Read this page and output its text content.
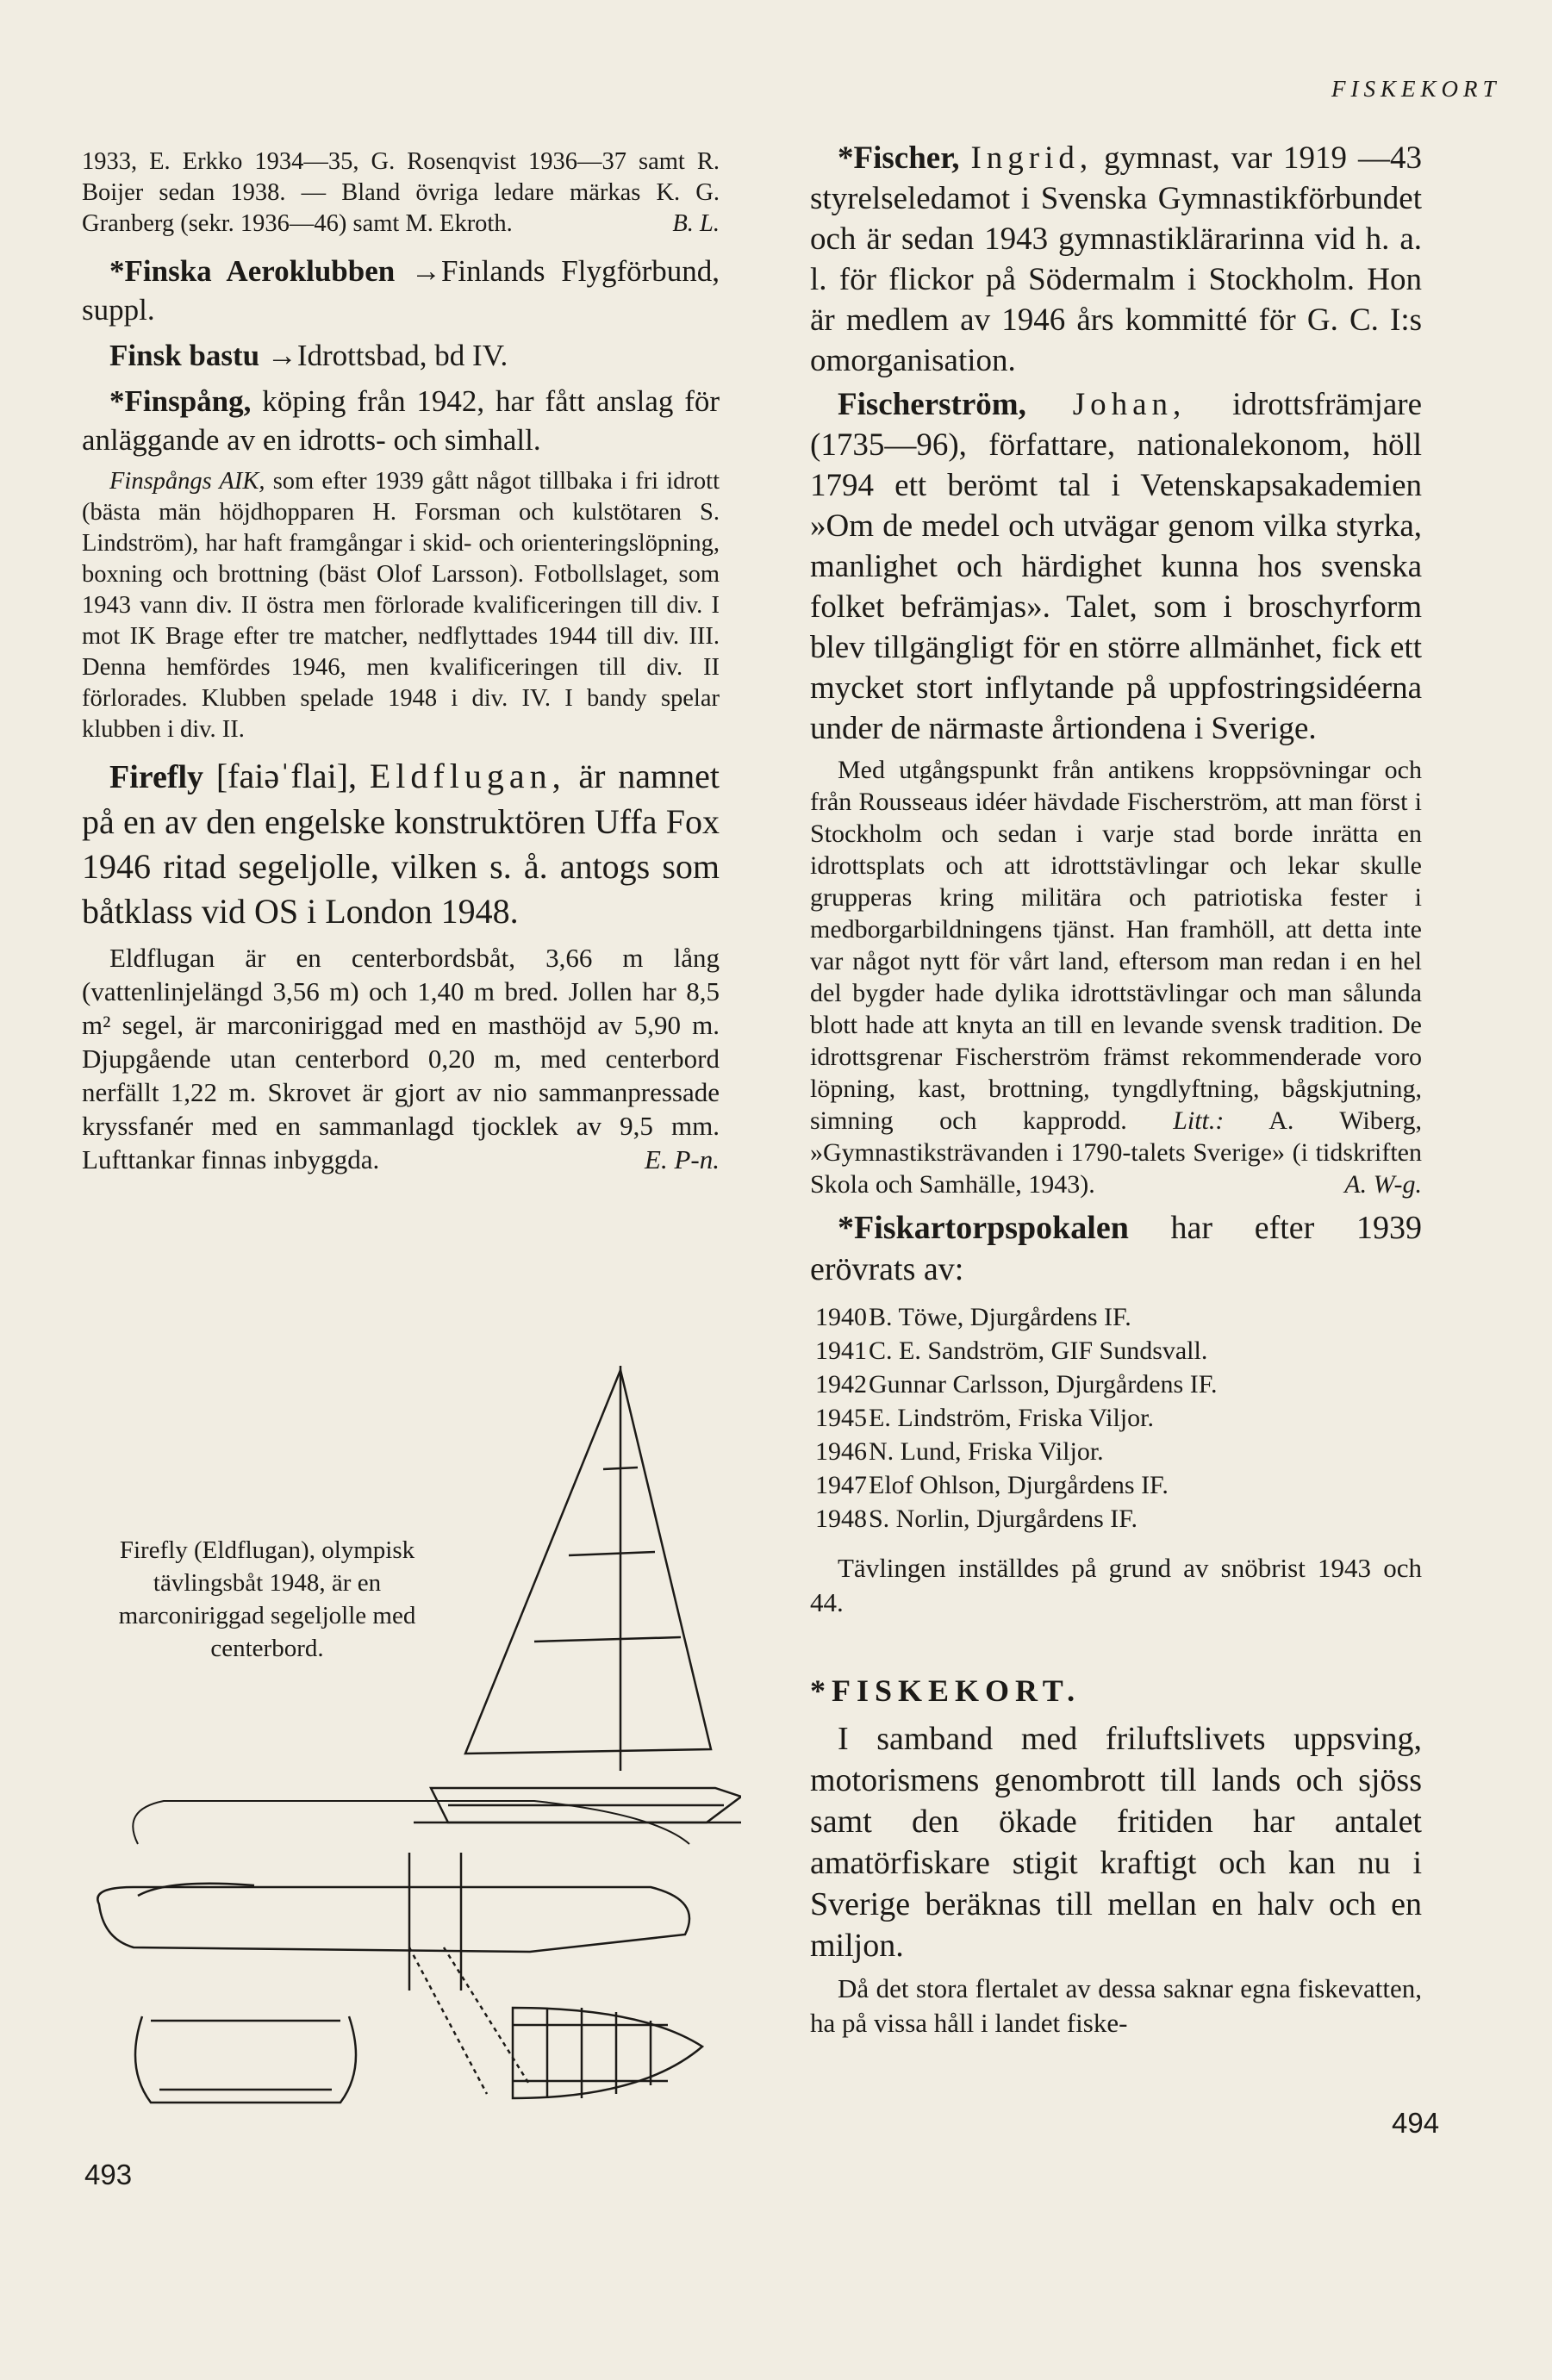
FISKEKORT

1933, E. Erkko 1934—35, G. Rosenqvist 1936—37 samt R. Boijer sedan 1938. — Bland övriga ledare märkas K. G. Granberg (sekr. 1936—46) samt M. Ekroth.	B. L.

*Finska Aeroklubben →Finlands Flygförbund, suppl.

Finsk bastu →Idrottsbad, bd IV.

*Finspång, köping från 1942, har fått anslag för anläggande av en idrotts- och simhall.

Finspångs AIK, som efter 1939 gått något tillbaka i fri idrott (bästa män höjdhopparen H. Forsman och kulstötaren S. Lindström), har haft framgångar i skid- och orienteringslöpning, boxning och brottning (bäst Olof Larsson). Fotbollslaget, som 1943 vann div. II östra men förlorade kvalificeringen till div. I mot IK Brage efter tre matcher, nedflyttades 1944 till div. III. Denna hemfördes 1946, men kvalificeringen till div. II förlorades. Klubben spelade 1948 i div. IV. I bandy spelar klubben i div. II.

Firefly [faiəˈflai], Eldflugan, är namnet på en av den engelske konstruktören Uffa Fox 1946 ritad segeljolle, vilken s. å. antogs som båtklass vid OS i London 1948.

Eldflugan är en centerbordsbåt, 3,66 m lång (vattenlinjelängd 3,56 m) och 1,40 m bred. Jollen har 8,5 m² segel, är marconiriggad med en masthöjd av 5,90 m. Djupgående utan centerbord 0,20 m, med centerbord nerfällt 1,22 m. Skrovet är gjort av nio sammanpressade kryssfanér med en sammanlagd tjocklek av 9,5 mm. Lufttankar finnas inbyggda.	E. P-n.

Firefly (Eldflugan), olympisk tävlingsbåt 1948, är en marconiriggad segeljolle med centerbord.
493

*Fischer, Ingrid, gymnast, var 1919 —43 styrelseledamot i Svenska Gymnastikförbundet och är sedan 1943 gymnastiklärarinna vid h. a. l. för flickor på Södermalm i Stockholm. Hon är medlem av 1946 års kommitté för G. C. I:s omorganisation.

Fischerström, Johan, idrottsfrämjare (1735—96), författare, nationalekonom, höll 1794 ett berömt tal i Vetenskapsakademien »Om de medel och utvägar genom vilka styrka, manlighet och härdighet kunna hos svenska folket befrämjas». Talet, som i broschyrform blev tillgängligt för en större allmänhet, fick ett mycket stort inflytande på uppfostringsidéerna under de närmaste årtiondena i Sverige.

Med utgångspunkt från antikens kroppsövningar och från Rousseaus idéer hävdade Fischerström, att man först i Stockholm och sedan i varje stad borde inrätta en idrottsplats och att idrottstävlingar och lekar skulle grupperas kring militära och patriotiska fester i medborgarbildningens tjänst. Han framhöll, att detta inte var något nytt för vårt land, eftersom man redan i en hel del bygder hade dylika idrottstävlingar och man sålunda blott hade att knyta an till en levande svensk tradition. De idrottsgrenar Fischerström främst rekommenderade voro löpning, kast, brottning, tyngdlyftning, bågskjutning, simning och kapprodd. Litt.: A. Wiberg, »Gymnastiksträvanden i 1790-talets Sverige» (i tidskriften Skola och Samhälle, 1943).	A. W-g.

*Fiskartorpspokalen har efter 1939 erövrats av:

1940 B. Töwe, Djurgårdens IF.
1941 C. E. Sandström, GIF Sundsvall.
1942 Gunnar Carlsson, Djurgårdens IF.
1945 E. Lindström, Friska Viljor.
1946 N. Lund, Friska Viljor.
1947 Elof Ohlson, Djurgårdens IF.
1948 S. Norlin, Djurgårdens IF.

Tävlingen inställdes på grund av snöbrist 1943 och 44.

*FISKEKORT.

I samband med friluftslivets uppsving, motorismens genombrott till lands och sjöss samt den ökade fritiden har antalet amatörfiskare stigit kraftigt och kan nu i Sverige beräknas till mellan en halv och en miljon.

Då det stora flertalet av dessa saknar egna fiskevatten, ha på vissa håll i landet fiske-

494
